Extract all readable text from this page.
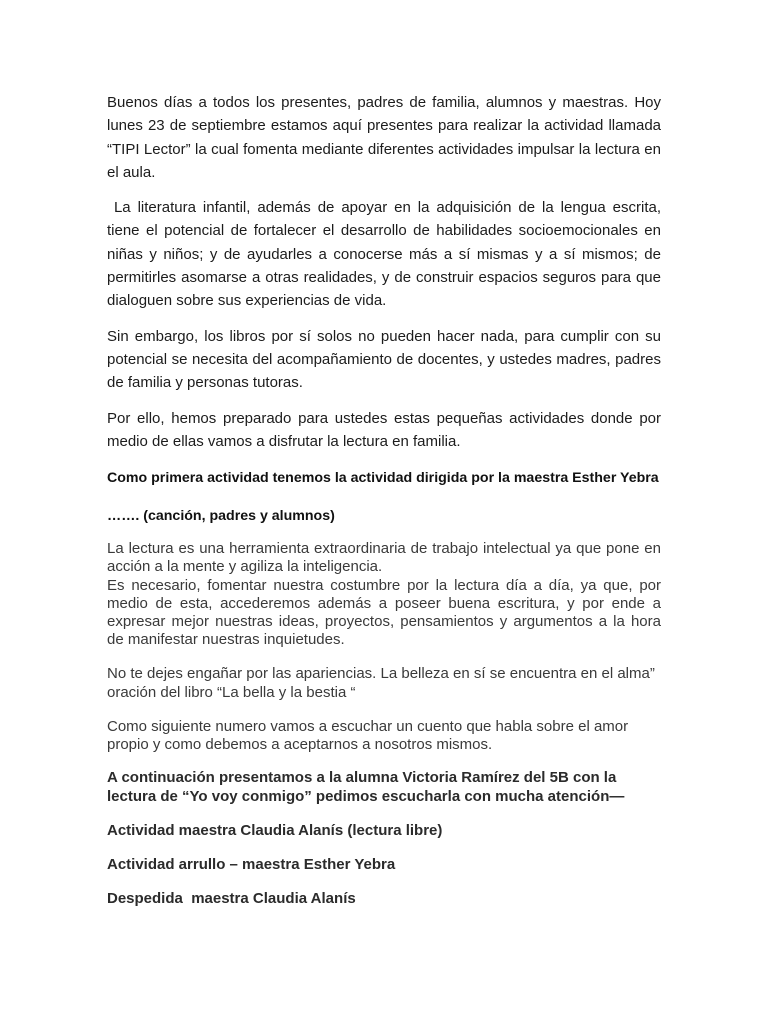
Buenos días a todos los presentes, padres de familia, alumnos y maestras. Hoy lunes 23 de septiembre estamos aquí presentes para realizar la actividad llamada “TIPI Lector” la cual fomenta mediante diferentes actividades impulsar la lectura en el aula.

La literatura infantil, además de apoyar en la adquisición de la lengua escrita, tiene el potencial de fortalecer el desarrollo de habilidades socioemocionales en niñas y niños; y de ayudarles a conocerse más a sí mismas y a sí mismos; de permitirles asomarse a otras realidades, y de construir espacios seguros para que dialoguen sobre sus experiencias de vida.

Sin embargo, los libros por sí solos no pueden hacer nada, para cumplir con su potencial se necesita del acompañamiento de docentes, y ustedes madres, padres de familia y personas tutoras.

Por ello, hemos preparado para ustedes estas pequeñas actividades donde por medio de ellas vamos a disfrutar la lectura en familia.

Como primera actividad tenemos la actividad dirigida por la maestra Esther Yebra

……. (canción, padres y alumnos)

La lectura es una herramienta extraordinaria de trabajo intelectual ya que pone en acción a la mente y agiliza la inteligencia.

Es necesario, fomentar nuestra costumbre por la lectura día a día, ya que, por medio de esta, accederemos además a poseer buena escritura, y por ende a expresar mejor nuestras ideas, proyectos, pensamientos y argumentos a la hora de manifestar nuestras inquietudes.

No te dejes engañar por las apariencias. La belleza en sí se encuentra en el alma”

oración del libro “La bella y la bestia “

Como siguiente numero vamos a escuchar un cuento que habla sobre el amor propio y como debemos a aceptarnos a nosotros mismos.

A continuación presentamos a la alumna Victoria Ramírez del 5B con la lectura de “Yo voy conmigo” pedimos escucharla con mucha atención—

Actividad maestra Claudia Alanís (lectura libre)

Actividad arrullo – maestra Esther Yebra

Despedida  maestra Claudia Alanís
